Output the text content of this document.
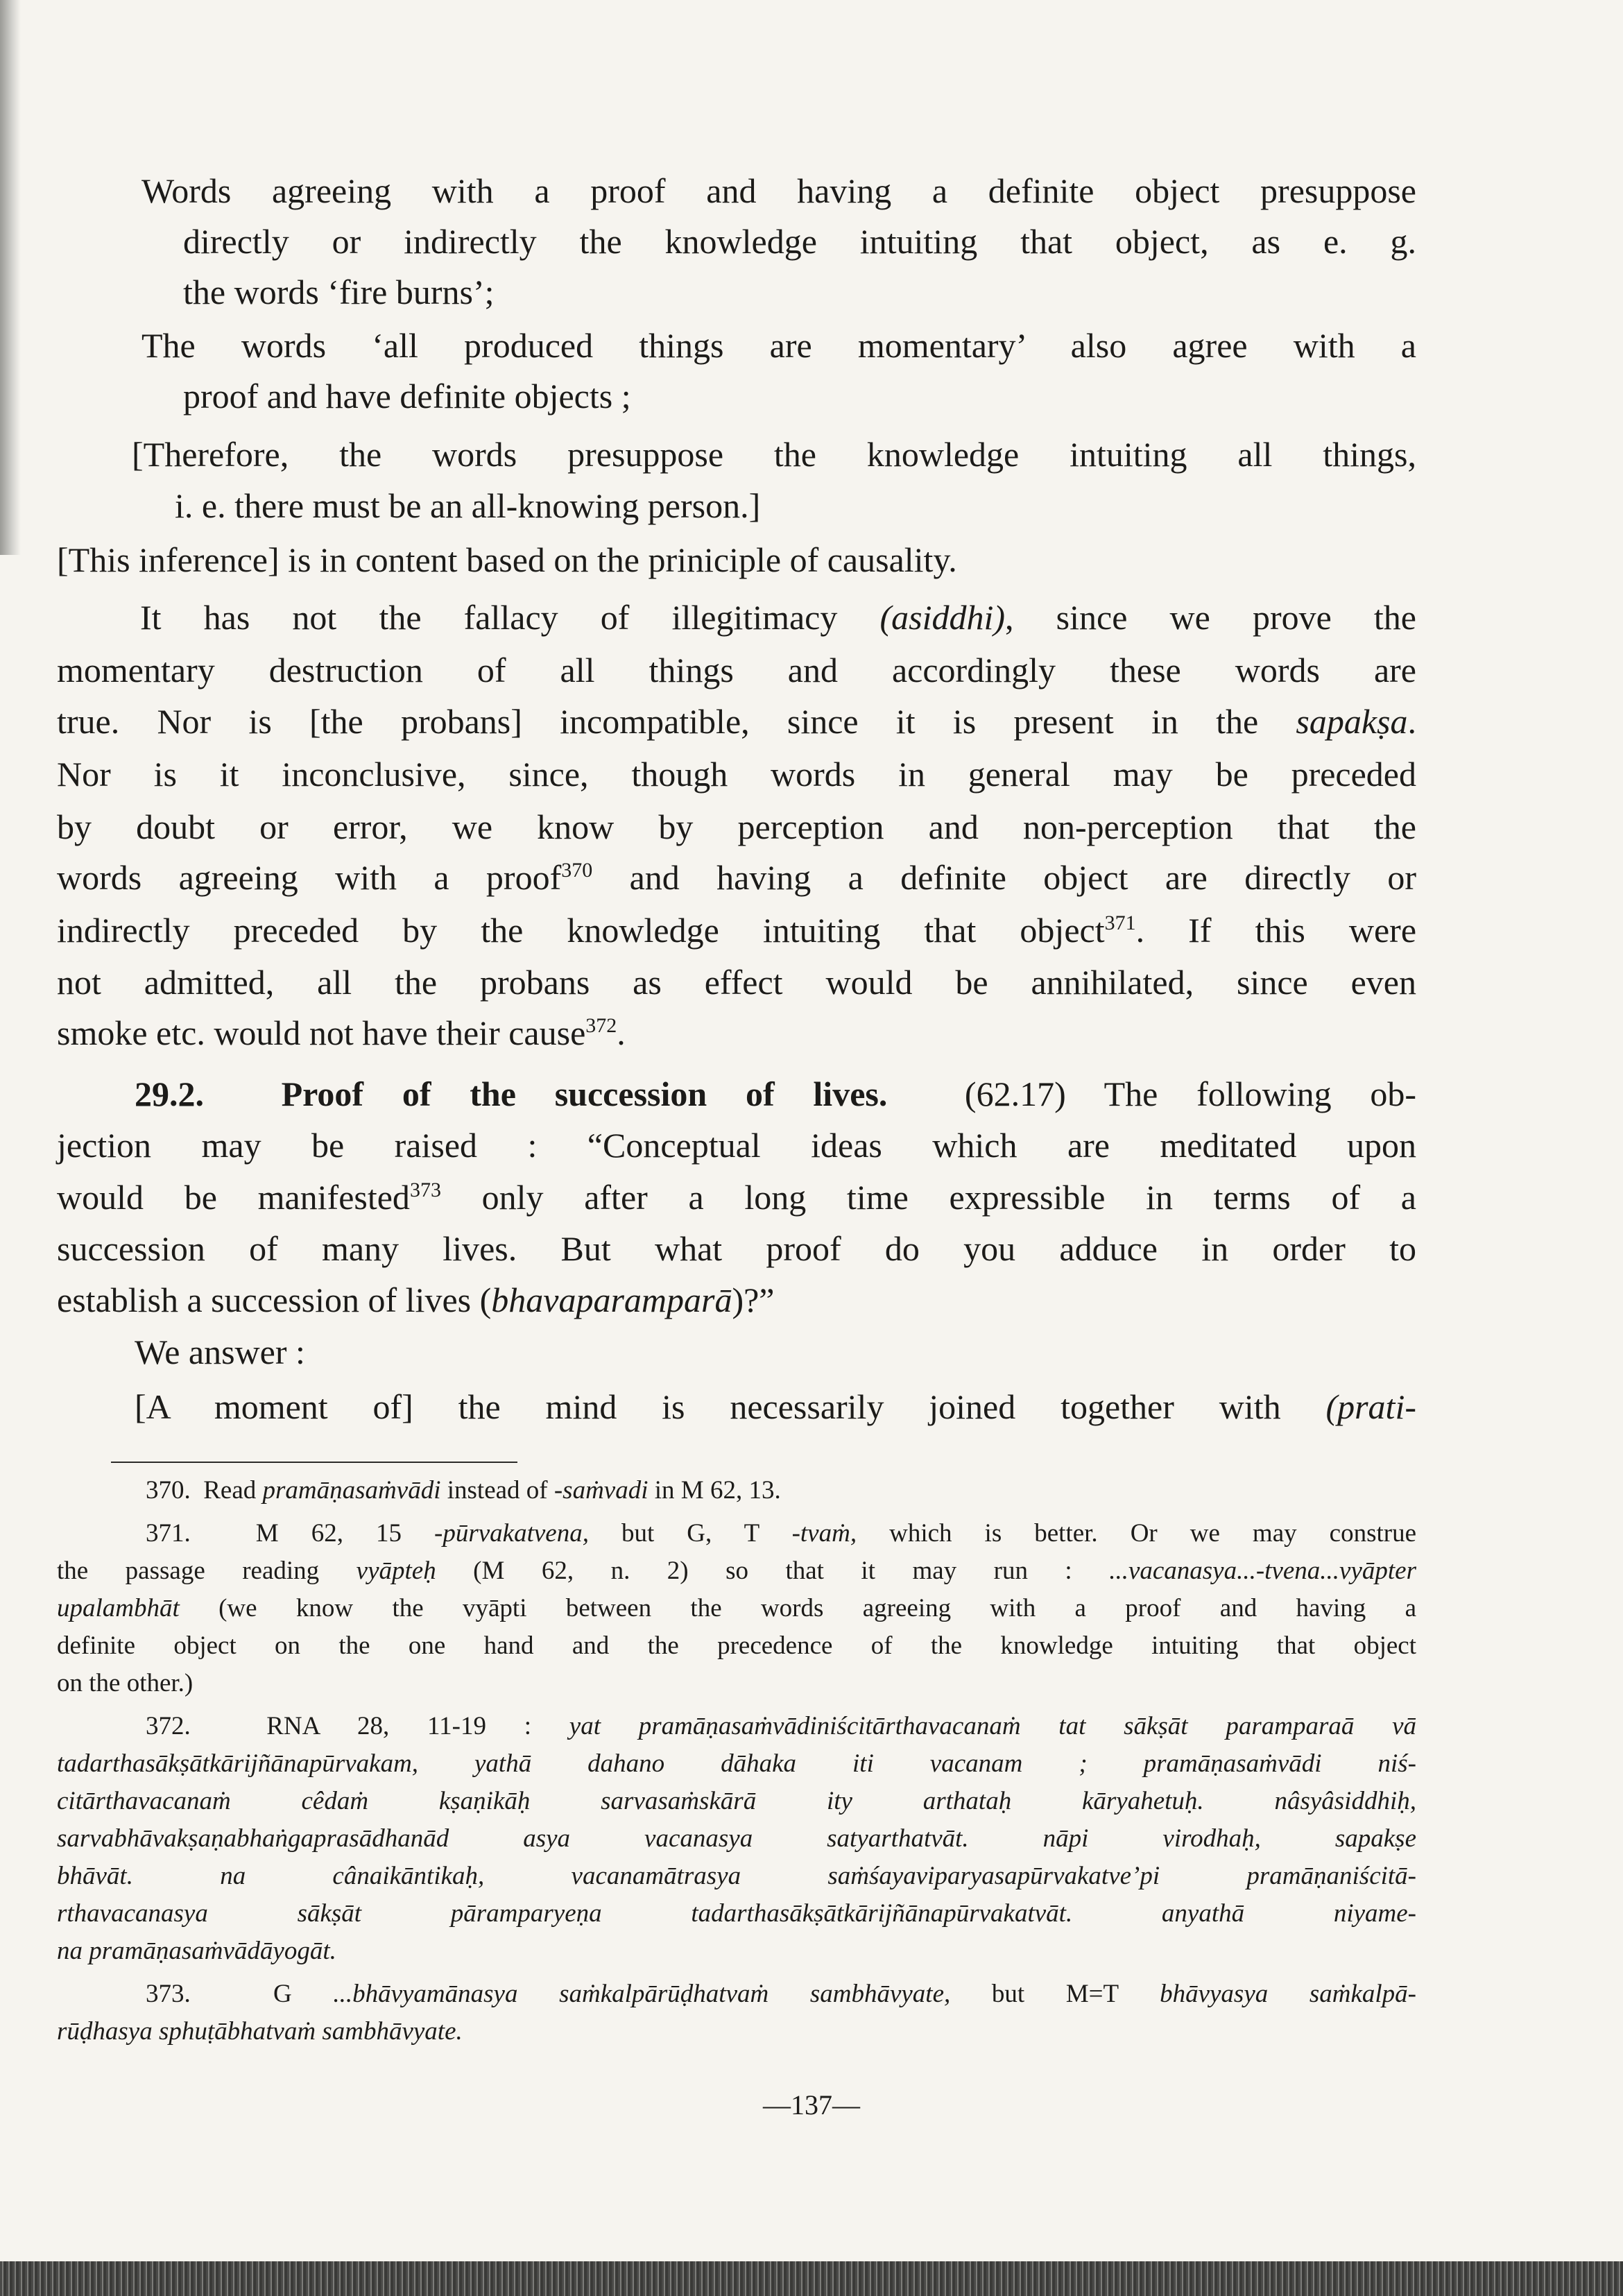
Words agreeing with a proof and having a definite object presuppose
directly or indirectly the knowledge intuiting that object, as e. g.
the words ‘fire burns’;
The words ‘all produced things are momentary’ also agree with a
proof and have definite objects ;
[Therefore, the words presuppose the knowledge intuiting all things,
i. e. there must be an all-knowing person.]
[This inference] is in content based on the priniciple of causality.
It has not the fallacy of illegitimacy (asiddhi), since we prove the
momentary destruction of all things and accordingly these words are
true. Nor is [the probans] incompatible, since it is present in the sapakṣa.
Nor is it inconclusive, since, though words in general may be preceded
by doubt or error, we know by perception and non-perception that the
words agreeing with a proof$^{370}$ and having a definite object are directly or
indirectly preceded by the knowledge intuiting that object$^{371}$. If this were
not admitted, all the probans as effect would be annihilated, since even
smoke etc. would not have their cause$^{372}$.
29.2. Proof of the succession of lives. (62.17) The following ob-
jection may be raised : “Conceptual ideas which are meditated upon
would be manifested$^{373}$ only after a long time expressible in terms of a
succession of many lives. But what proof do you adduce in order to
establish a succession of lives (bhavaparamparā)?”
We answer :
[A moment of] the mind is necessarily joined together with (prati-
370. Read pramāṇasaṁvādi instead of -saṁvadi in M 62, 13.
371.	M 62, 15 -pūrvakatvena, but G, T -tvaṁ, which is better. Or we may construe
the passage reading vyāpteḥ (M 62, n. 2) so that it may run : ...vacanasya...-tvena...vyāpter
upalambhāt (we know the vyāpti between the words agreeing with a proof and having a
definite object on the one hand and the precedence of the knowledge intuiting that object
on the other.)
372.	RNA 28, 11-19 : yat pramāṇasaṁvādiniścitārthavacanaṁ tat sākṣāt paramparaā vā
tadarthasākṣātkārijñānapūrvakam, yathā dahano dāhaka iti vacanam ; pramāṇasaṁvādi niś-
citārthavacanaṁ cêdaṁ kṣaṇikāḥ sarvasaṁskārā ity arthataḥ kāryahetuḥ. nâsyâsiddhiḥ,
sarvabhāvakṣaṇabhaṅgaprasādhanād asya vacanasya satyarthatvāt. nāpi virodhaḥ, sapakṣe
bhāvāt. na cânaikāntikaḥ, vacanamātrasya saṁśayaviparyasapūrvakatve’pi pramāṇaniścitā-
rthavacanasya sākṣāt pāramparyeṇa tadarthasākṣātkārijñānapūrvakatvāt. anyathā niyame-
na pramāṇasaṁvādāyogāt.
373.	G ...bhāvyamānasya saṁkalpārūḍhatvaṁ sambhāvyate, but M=T bhāvyasya saṁkalpā-
rūḍhasya sphuṭābhatvaṁ sambhāvyate.
—137—
